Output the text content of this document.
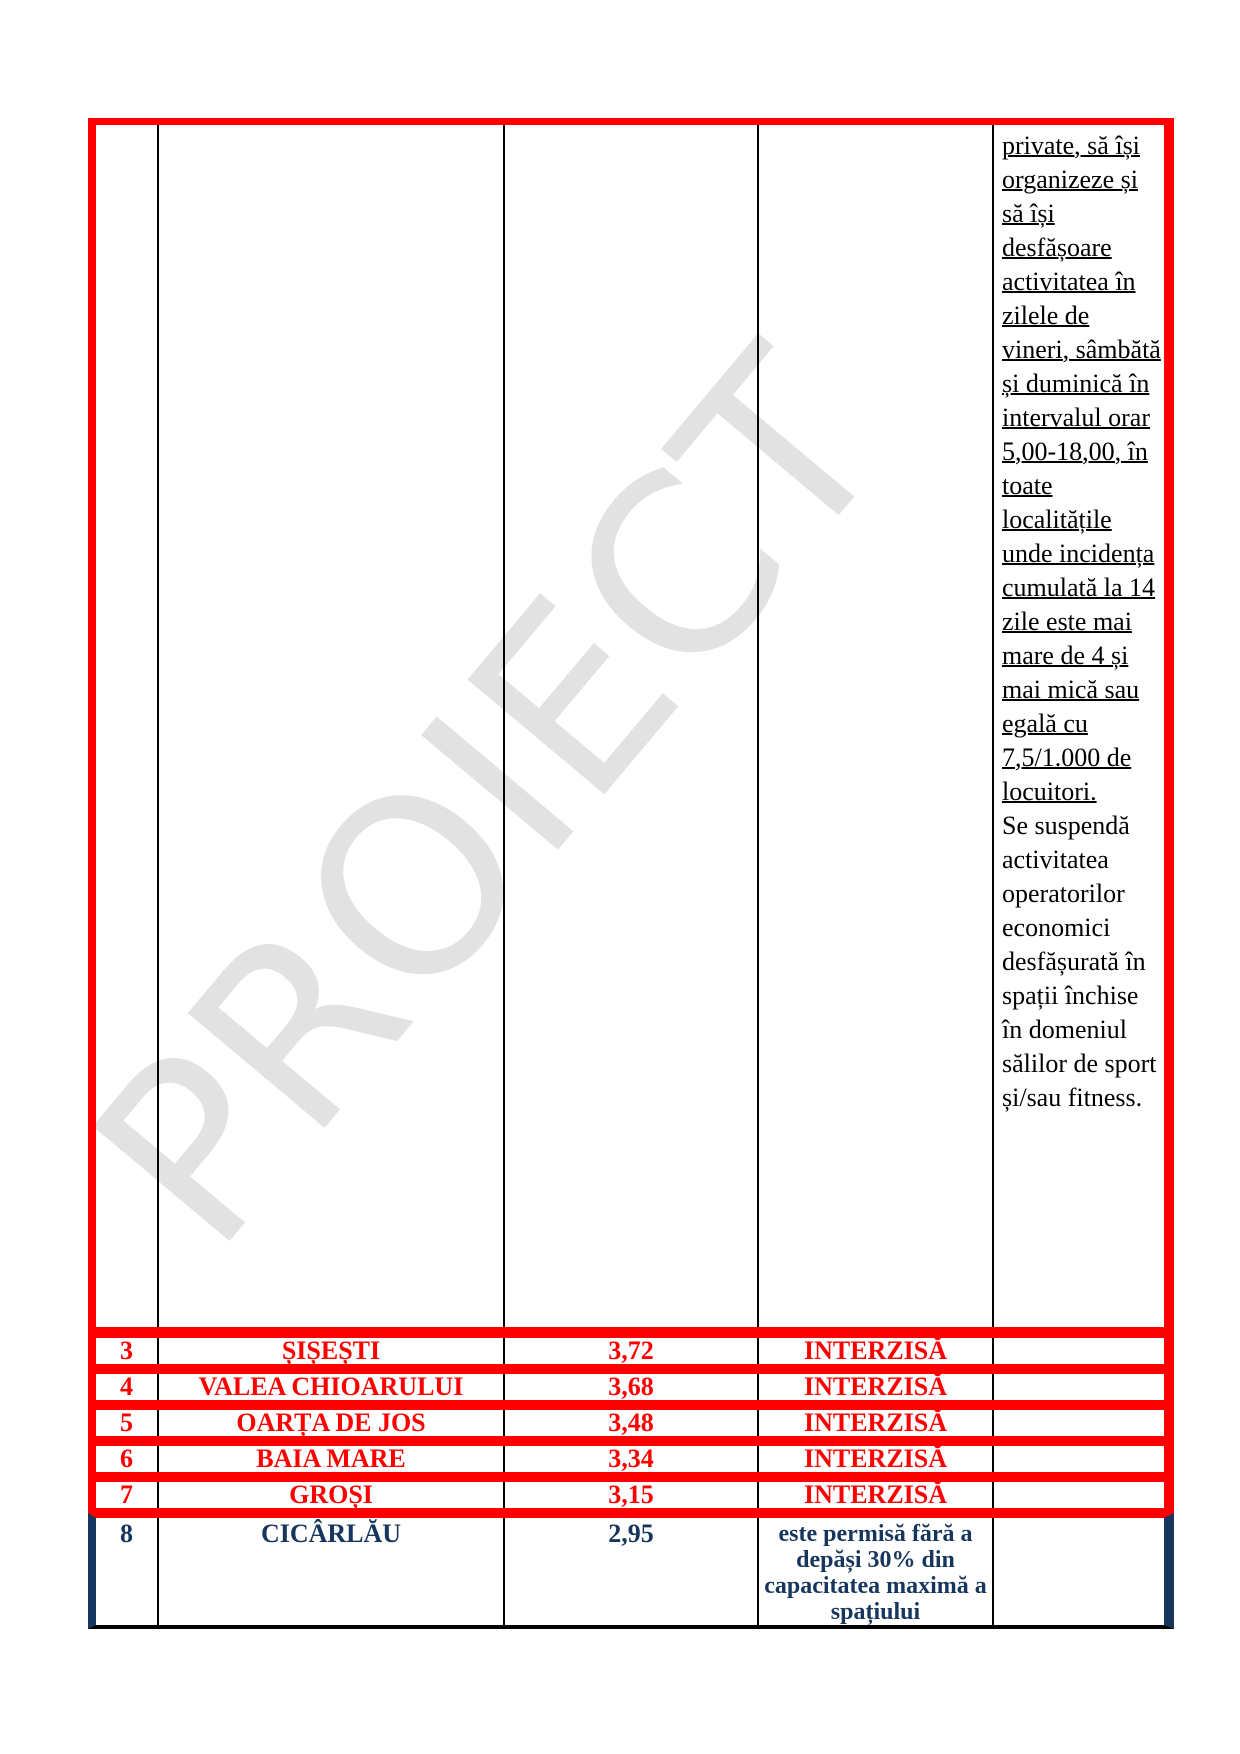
PROIECT
private, să își organizeze și să își desfășoare activitatea în zilele de vineri, sâmbătă și duminică în intervalul orar 5,00-18,00, în toate localitățile unde incidența cumulată la 14 zile este mai mare de 4 și mai mică sau egală cu 7,5/1.000 de locuitori.
Se suspendă activitatea operatorilor economici desfășurată în spații închise în domeniul sălilor de sport și/sau fitness.
3	ȘIȘEȘTI	3,72	INTERZISĂ
4	VALEA CHIOARULUI	3,68	INTERZISĂ
5	OARȚA DE JOS	3,48	INTERZISĂ
6	BAIA MARE	3,34	INTERZISĂ
7	GROȘI	3,15	INTERZISĂ
8	CICÂRLĂU	2,95	este permisă fără a depăși 30% din capacitatea maximă a spațiului
